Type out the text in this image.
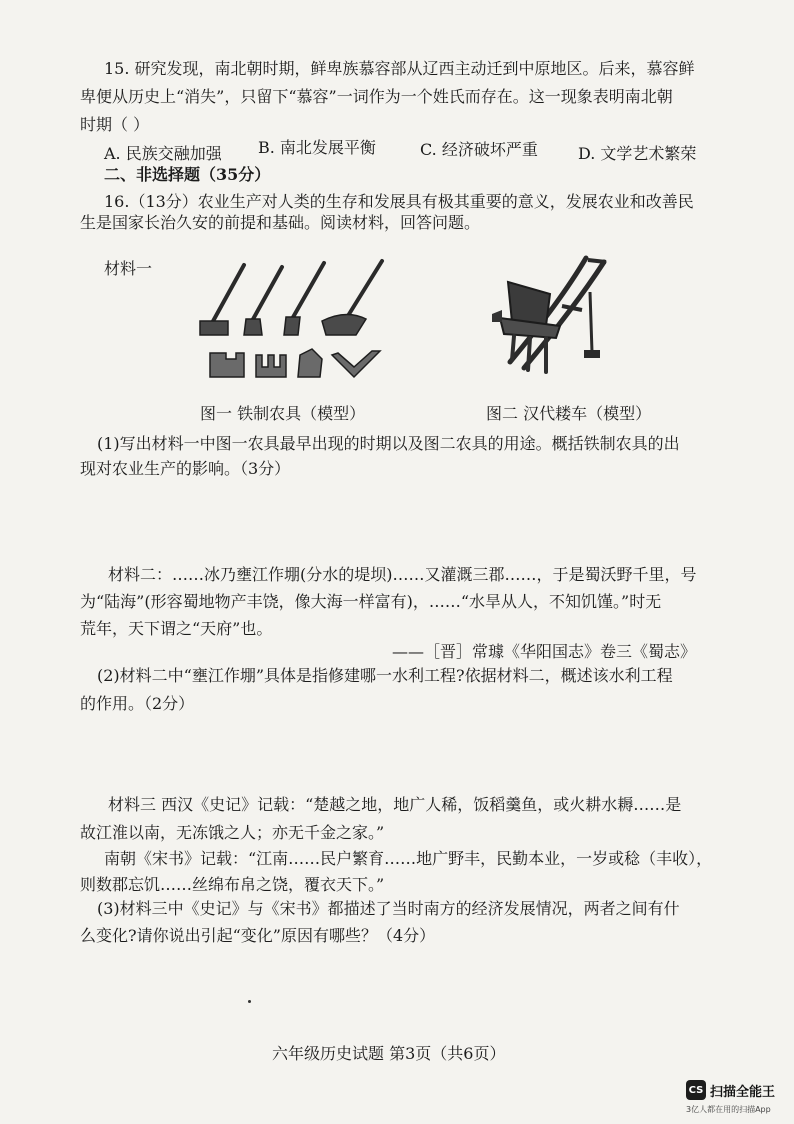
15. 研究发现，南北朝时期，鲜卑族慕容部从辽西主动迁到中原地区。后来，慕容鲜
卑便从历史上“消失”，只留下“慕容”一词作为一个姓氏而存在。这一现象表明南北朝
时期（ ）
A. 民族交融加强 B. 南北发展平衡	C. 经济破坏严重	D. 文学艺术繁荣
二、非选择题（35分）
16.（13分）农业生产对人类的生存和发展具有极其重要的意义，发展农业和改善民
生是国家长治久安的前提和基础。阅读材料，回答问题。
材料一
图一 铁制农具（模型）	图二 汉代耧车（模型）
(1)写出材料一中图一农具最早出现的时期以及图二农具的用途。概括铁制农具的出
现对农业生产的影响。（3分）
材料二：……冰乃壅江作堋(分水的堤坝)……又灌溉三郡……，于是蜀沃野千里，号
为“陆海”(形容蜀地物产丰饶，像大海一样富有)，……“水旱从人，不知饥馑。”时无
荒年，天下谓之“天府”也。
——［晋］常璩《华阳国志》卷三《蜀志》
(2)材料二中“壅江作堋”具体是指修建哪一水利工程?依据材料二，概述该水利工程
的作用。（2分）
材料三 西汉《史记》记载：“楚越之地，地广人稀，饭稻羹鱼，或火耕水耨……是
故江淮以南，无冻饿之人；亦无千金之家。”
南朝《宋书》记载：“江南……民户繁育……地广野丰，民勤本业，一岁或稔（丰收），
则数郡忘饥……丝绵布帛之饶，覆衣天下。”
(3)材料三中《史记》与《宋书》都描述了当时南方的经济发展情况，两者之间有什
么变化?请你说出引起“变化”原因有哪些？（4分）
六年级历史试题 第3页（共6页）
CS 扫描全能王
3亿人都在用的扫描App
